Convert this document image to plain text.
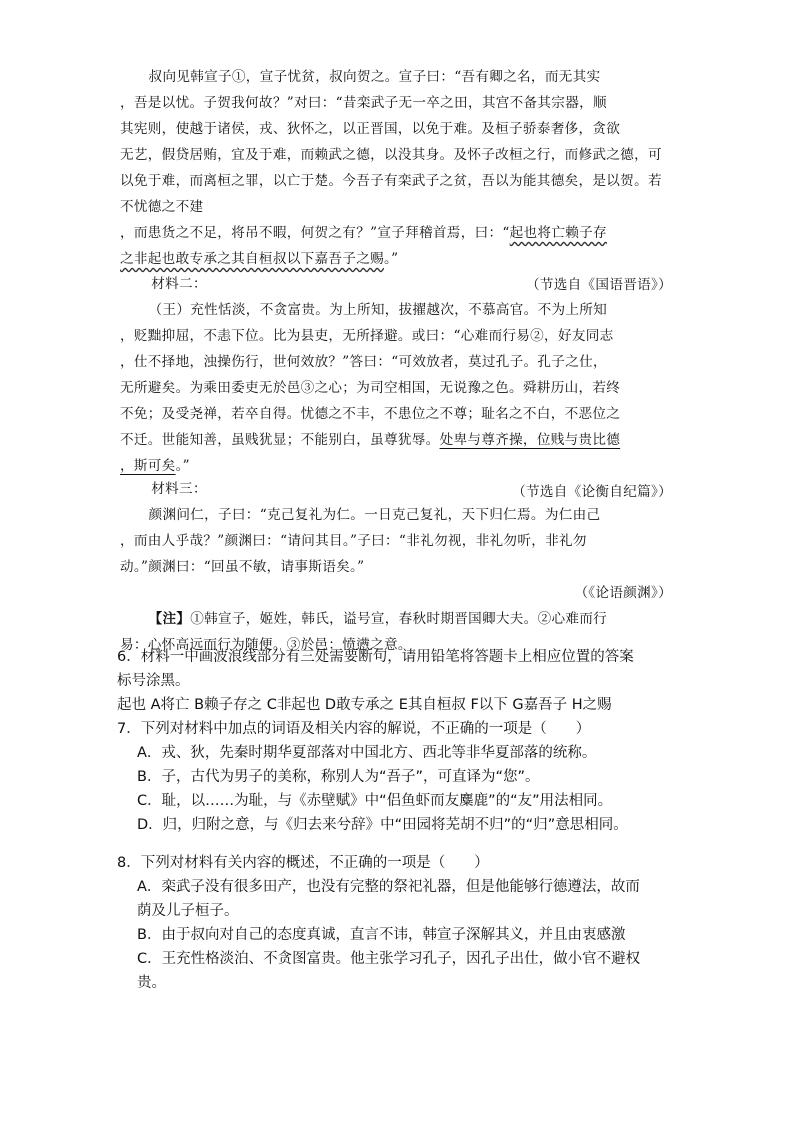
叔向见韩宣子①，宣子忧贫，叔向贺之。宣子曰：“吾有卿之名，而无其实

，吾是以忧。子贺我何故？”对曰：“昔栾武子无一卒之田，其宫不备其宗器，顺

其宪则，使越于诸侯，戎、狄怀之，以正晋国，以免于难。及桓子骄泰奢侈，贪欲

无艺，假贷居贿，宜及于难，而赖武之德，以没其身。及怀子改桓之行，而修武之德，可

以免于难，而离桓之罪，以亡于楚。今吾子有栾武子之贫，吾以为能其德矣，是以贺。若不忧德之不建

，而患货之不足，将吊不暇，何贺之有？”宣子拜稽首焉，曰：“起也将亡赖子存

之非起也敢专承之其自桓叔以下嘉吾子之赐。”

（节选自《国语晋语》）

材料二：

（王）充性恬淡，不贪富贵。为上所知，拔擢越次，不慕高官。不为上所知

，贬黜抑屈，不恚下位。比为县吏，无所择避。或曰：“心难而行易②，好友同志

，仕不择地，浊操伤行，世何效放？”答曰：“可效放者，莫过孔子。孔子之仕，

无所避矣。为乘田委吏无於邑③之心；为司空相国，无说豫之色。舜耕历山，若终

不免；及受尧禅，若卒自得。忧德之不丰，不患位之不尊；耻名之不白，不恶位之

不迁。世能知善，虽贱犹显；不能别白，虽尊犹辱。处卑与尊齐操，位贱与贵比德

，斯可矣。”

（节选自《论衡自纪篇》）

材料三：

颜渊问仁，子曰：“克己复礼为仁。一日克己复礼，天下归仁焉。为仁由己

，而由人乎哉？”颜渊曰：“请问其目。”子曰：“非礼勿视，非礼勿听，非礼勿

动。”颜渊曰：“回虽不敏，请事斯语矣。”

（《论语颜渊》）

【注】①韩宣子，姬姓，韩氏，谥号宣，春秋时期晋国卿大夫。②心难而行

易：心怀高远而行为随便。③於邑：愤懑之意。

6．材料一中画波浪线部分有三处需要断句，请用铅笔将答题卡上相应位置的答案

标号涂黑。

起也 A将亡 B赖子存之 C非起也 D敢专承之 E其自桓叔 F以下 G嘉吾子 H之赐

7．下列对材料中加点的词语及相关内容的解说，不正确的一项是（　　）

A．戎、狄，先秦时期华夏部落对中国北方、西北等非华夏部落的统称。

B．子，古代为男子的美称，称别人为“吾子”，可直译为“您”。

C．耻，以……为耻，与《赤壁赋》中“侣鱼虾而友麋鹿”的“友”用法相同。

D．归，归附之意，与《归去来兮辞》中“田园将芜胡不归”的“归”意思相同。

8．下列对材料有关内容的概述，不正确的一项是（　　）

A．栾武子没有很多田产，也没有完整的祭祀礼器，但是他能够行德遵法，故而

荫及儿子桓子。

B．由于叔向对自己的态度真诚，直言不讳，韩宣子深解其义，并且由衷感激

C．王充性格淡泊、不贪图富贵。他主张学习孔子，因孔子出仕，做小官不避权

贵。
